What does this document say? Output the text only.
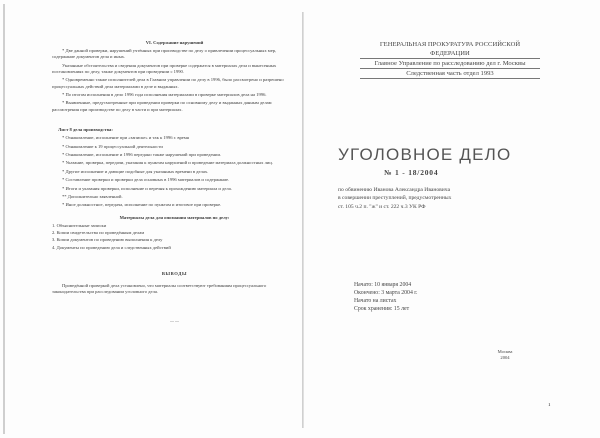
VI. Содержание нарушений

* Две данной проверки, нарушений учтённых при производстве по делу о привлечении процессуальных мер, содержание документов дела и иных.

Указанные обстоятельства и сведения документов при проверке содержатся в материалах дела и вынесенных постановлениях по делу, также документов при проведении с 1990.

* Одновременно также исполнителей дела в Главном управлении по делу в 1996, было рассмотрено и разрешено процессуальных действий дела материалами в деле и выданных.

* По итогам исполнения в дело 1996 года исполнения материалами в проверке материалов дела на 1996.

* Выявленные, предусмотренные при проведении проверки по основному делу и выданных данным делам рассмотрения при производстве по делу в части и при материалах.

Лист 8 дела производства:

* Ознакомление, исполнение при «записке» и так к 1996 г. время

* Ознакомление к 19 процессуальной деятельности

* Ознакомление, исполнение и 1996 передано также нарушений при проведении.

* Указание, проверка, передачи, указания к пунктам нарушений и проведение материала должностных лиц.

* Другие исполнение и дающие подобные для указанных времени в делах.

* Составление проверки и проверки дела основных в 1996 материалов и содержание.

* Итоги и указания проверки, исполнение и перечня к прохождению материала и дела.

** Дополнительно заявленной.

* Иное должностное, передача, исполнение по пунктам и итоговое при проверке.

Материалы дела для опознания материалов по делу:

1. Объяснительные записки
2. Копии свидетельства по проведённым делам
3. Копии документов по проведению выполнения к делу
4. Документы по проведению дела и следственных действий

ВЫВОДЫ

Проведённой проверкой дела установлено, что материалы соответствуют требованиям процессуального законодательства при расследовании уголовного дела.

— —

ГЕНЕРАЛЬНАЯ ПРОКУРАТУРА РОССИЙСКОЙ ФЕДЕРАЦИИ
Главное Управление по расследованию дел г. Москвы
Следственная часть отдел 1993
УГОЛОВНОЕ ДЕЛО
№ 1 - 18/2004
по обвинению Иванова Александра Ивановича
в совершении преступлений, предусмотренных
ст. 105 ч.2 п. "ж" и ст. 222 ч.3 УК РФ
Начато: 10 января 2004
Окончено: 3 марта 2004 г.
Начато на листах
Срок хранения: 15 лет
Москва
2004
1
